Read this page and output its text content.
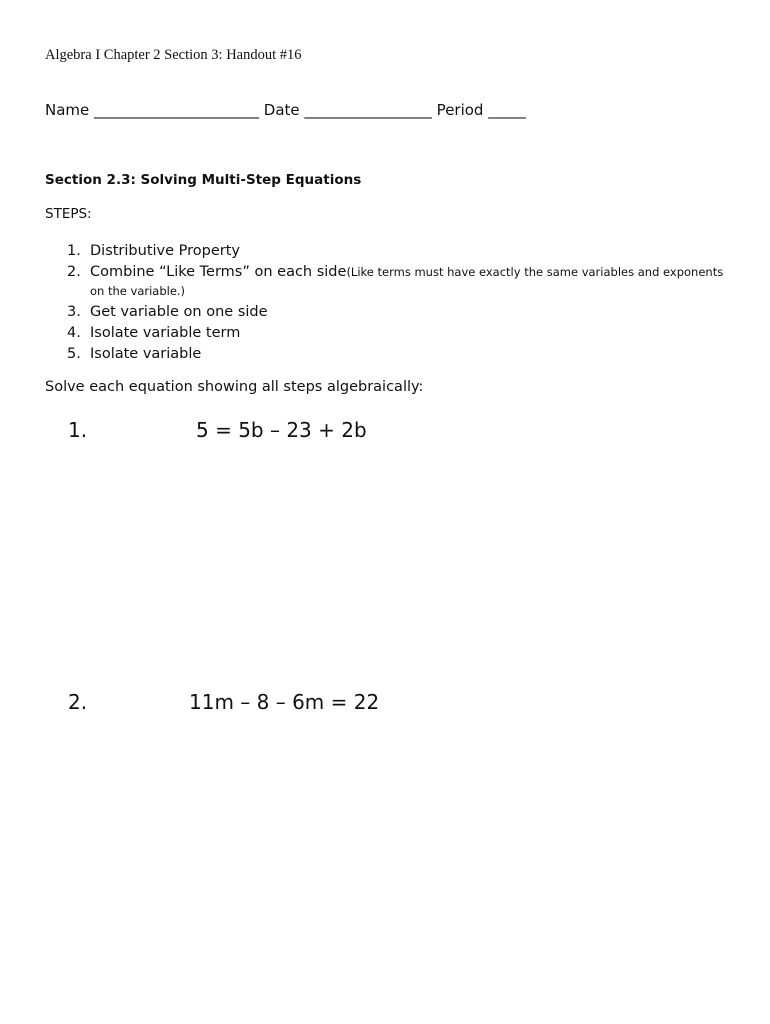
Algebra I Chapter 2 Section 3: Handout #16
Name ______________________ Date _________________ Period _____
Section 2.3: Solving Multi-Step Equations
STEPS:
1. Distributive Property
2. Combine “Like Terms” on each side (Like terms must have exactly the same variables and exponents
on the variable.)
3. Get variable on one side
4. Isolate variable term
5. Isolate variable
Solve each equation showing all steps algebraically:
1.	5 = 5b – 23 + 2b
2.	11m – 8 – 6m = 22
